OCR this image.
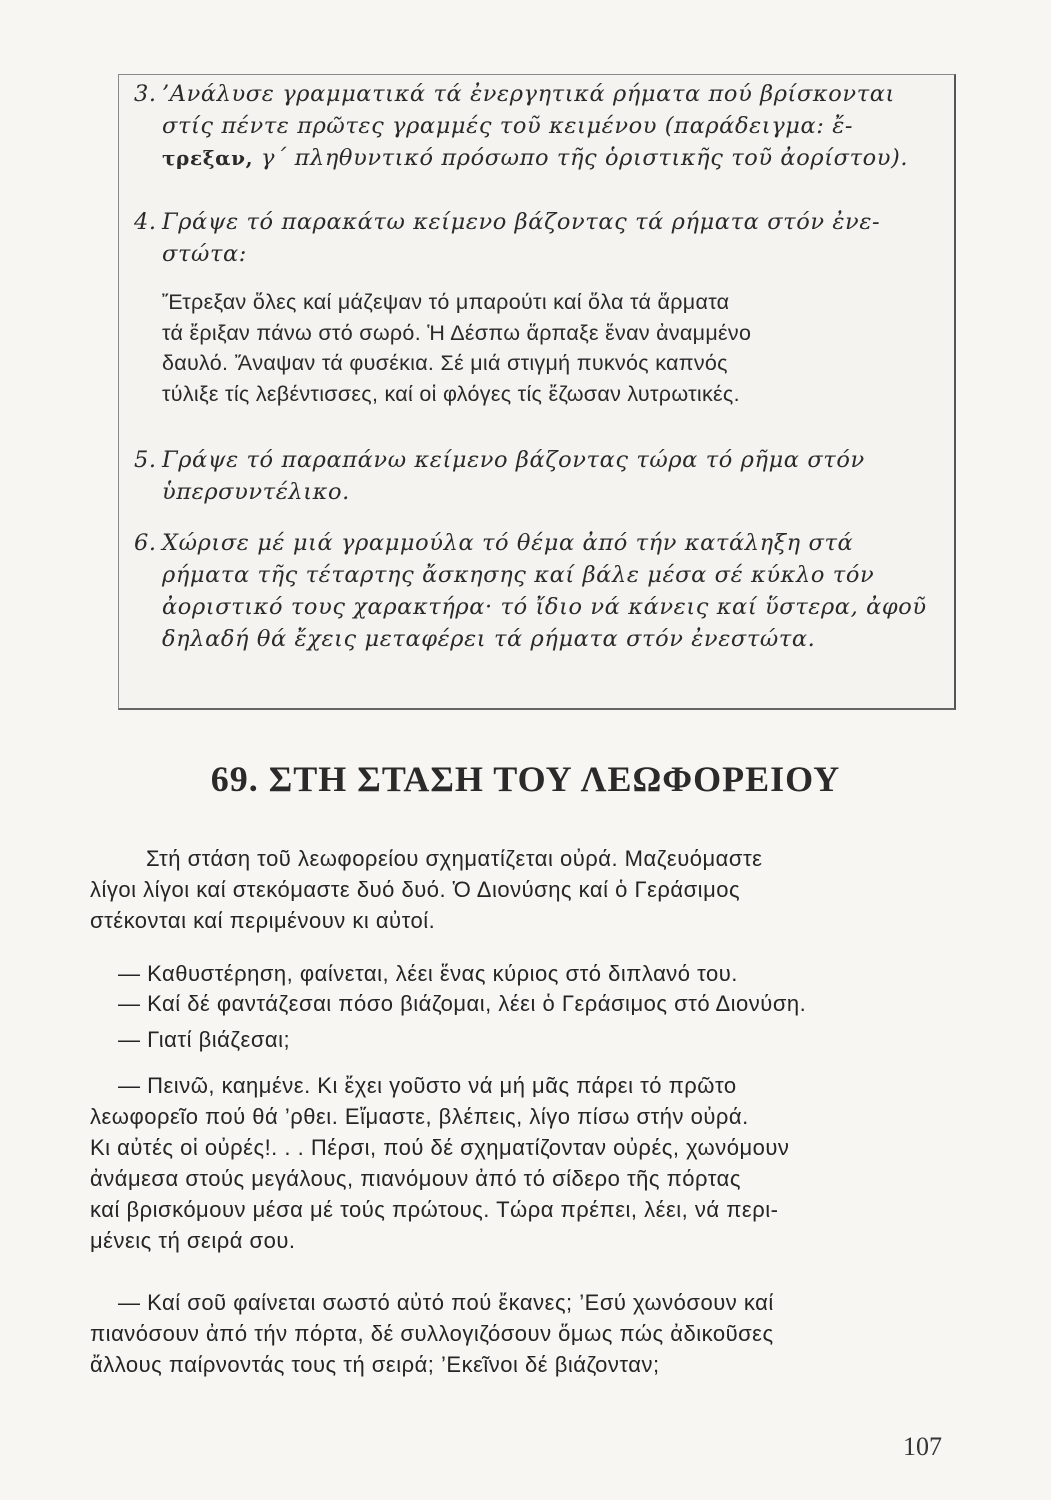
3. ’Ανάλυσε γραμματικά τά ἐνεργητικά ρήματα πού βρίσκονται
στίς πέντε πρῶτες γραμμές τοῦ κειμένου (παράδειγμα: ἔ-
τρεξαν, γ΄ πληθυντικό πρόσωπο τῆς ὁριστικῆς τοῦ ἀορίστου).
4. Γράψε τό παρακάτω κείμενο βάζοντας τά ρήματα στόν ἐνε-
στώτα:
Ἔτρεξαν ὅλες καί μάζεψαν τό μπαρούτι καί ὅλα τά ἅρματα
τά ἔριξαν πάνω στό σωρό. Ἡ Δέσπω ἅρπαξε ἕναν ἀναμμένο
δαυλό. Ἄναψαν τά φυσέκια. Σέ μιά στιγμή πυκνός καπνός
τύλιξε τίς λεβέντισσες, καί οἱ φλόγες τίς ἔζωσαν λυτρωτικές.
5. Γράψε τό παραπάνω κείμενο βάζοντας τώρα τό ρῆμα στόν
ὑπερσυντέλικο.
6. Χώρισε μέ μιά γραμμούλα τό θέμα ἀπό τήν κατάληξη στά
ρήματα τῆς τέταρτης ἄσκησης καί βάλε μέσα σέ κύκλο τόν
ἀοριστικό τους χαρακτήρα· τό ἴδιο νά κάνεις καί ὕστερα, ἀφοῦ
δηλαδή θά ἔχεις μεταφέρει τά ρήματα στόν ἐνεστώτα.
69. ΣΤΗ ΣΤΑΣΗ ΤΟΥ ΛΕΩΦΟΡΕΙΟΥ
Στή στάση τοῦ λεωφορείου σχηματίζεται οὐρά. Μαζευόμαστε
λίγοι λίγοι καί στεκόμαστε δυό δυό. Ὁ Διονύσης καί ὁ Γεράσιμος
στέκονται καί περιμένουν κι αὐτοί.
— Καθυστέρηση, φαίνεται, λέει ἕνας κύριος στό διπλανό του.
— Καί δέ φαντάζεσαι πόσο βιάζομαι, λέει ὁ Γεράσιμος στό Διονύση.
— Γιατί βιάζεσαι;
— Πεινῶ, καημένε. Κι ἔχει γοῦστο νά μή μᾶς πάρει τό πρῶτο
λεωφορεῖο πού θά ’ρθει. Εἴμαστε, βλέπεις, λίγο πίσω στήν οὐρά.
Κι αὐτές οἱ οὐρές!. . . Πέρσι, πού δέ σχηματίζονταν οὐρές, χωνόμουν
ἀνάμεσα στούς μεγάλους, πιανόμουν ἀπό τό σίδερο τῆς πόρτας
καί βρισκόμουν μέσα μέ τούς πρώτους. Τώρα πρέπει, λέει, νά περι-
μένεις τή σειρά σου.
— Καί σοῦ φαίνεται σωστό αὐτό πού ἔκανες; ’Εσύ χωνόσουν καί
πιανόσουν ἀπό τήν πόρτα, δέ συλλογιζόσουν ὅμως πώς ἀδικοῦσες
ἄλλους παίρνοντάς τους τή σειρά; ’Εκεῖνοι δέ βιάζονταν;

107
